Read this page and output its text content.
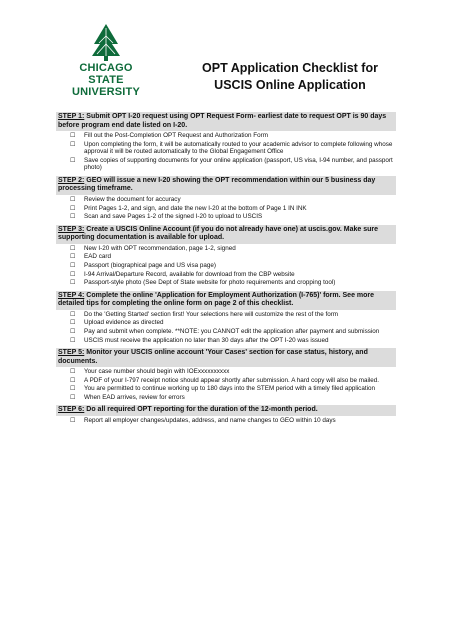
CHICAGO STATE
UNIVERSITY
OPT Application Checklist for
USCIS Online Application
STEP 1: Submit OPT I-20 request using OPT Request Form- earliest date to request OPT is 90 days before program end date listed on I-20.
☐ Fill out the Post-Completion OPT Request and Authorization Form
☐ Upon completing the form, it will be automatically routed to your academic advisor to complete following whose approval it will be routed automatically to the Global Engagement Office
☐ Save copies of supporting documents for your online application (passport, US visa, I-94 number, and passport photo)
STEP 2: GEO will issue a new I-20 showing the OPT recommendation within our 5 business day processing timeframe.
☐ Review the document for accuracy
☐ Print Pages 1-2, and sign, and date the new I-20 at the bottom of Page 1 IN INK
☐ Scan and save Pages 1-2 of the signed I-20 to upload to USCIS
STEP 3: Create a USCIS Online Account (if you do not already have one) at uscis.gov. Make sure supporting documentation is available for upload.
☐ New I-20 with OPT recommendation, page 1-2, signed
☐ EAD card
☐ Passport (biographical page and US visa page)
☐ I-94 Arrival/Departure Record, available for download from the CBP website
☐ Passport-style photo (See Dept of State website for photo requirements and cropping tool)
STEP 4: Complete the online 'Application for Employment Authorization (I-765)' form. See more detailed tips for completing the online form on page 2 of this checklist.
☐ Do the 'Getting Started' section first! Your selections here will customize the rest of the form
☐ Upload evidence as directed
☐ Pay and submit when complete. **NOTE: you CANNOT edit the application after payment and submission
☐ USCIS must receive the application no later than 30 days after the OPT I-20 was issued
STEP 5: Monitor your USCIS online account 'Your Cases' section for case status, history, and documents.
☐ Your case number should begin with IOExxxxxxxxxx
☐ A PDF of your I-797 receipt notice should appear shortly after submission. A hard copy will also be mailed.
☐ You are permitted to continue working up to 180 days into the STEM period with a timely filed application
☐ When EAD arrives, review for errors
STEP 6: Do all required OPT reporting for the duration of the 12-month period.
☐ Report all employer changes/updates, address, and name changes to GEO within 10 days
